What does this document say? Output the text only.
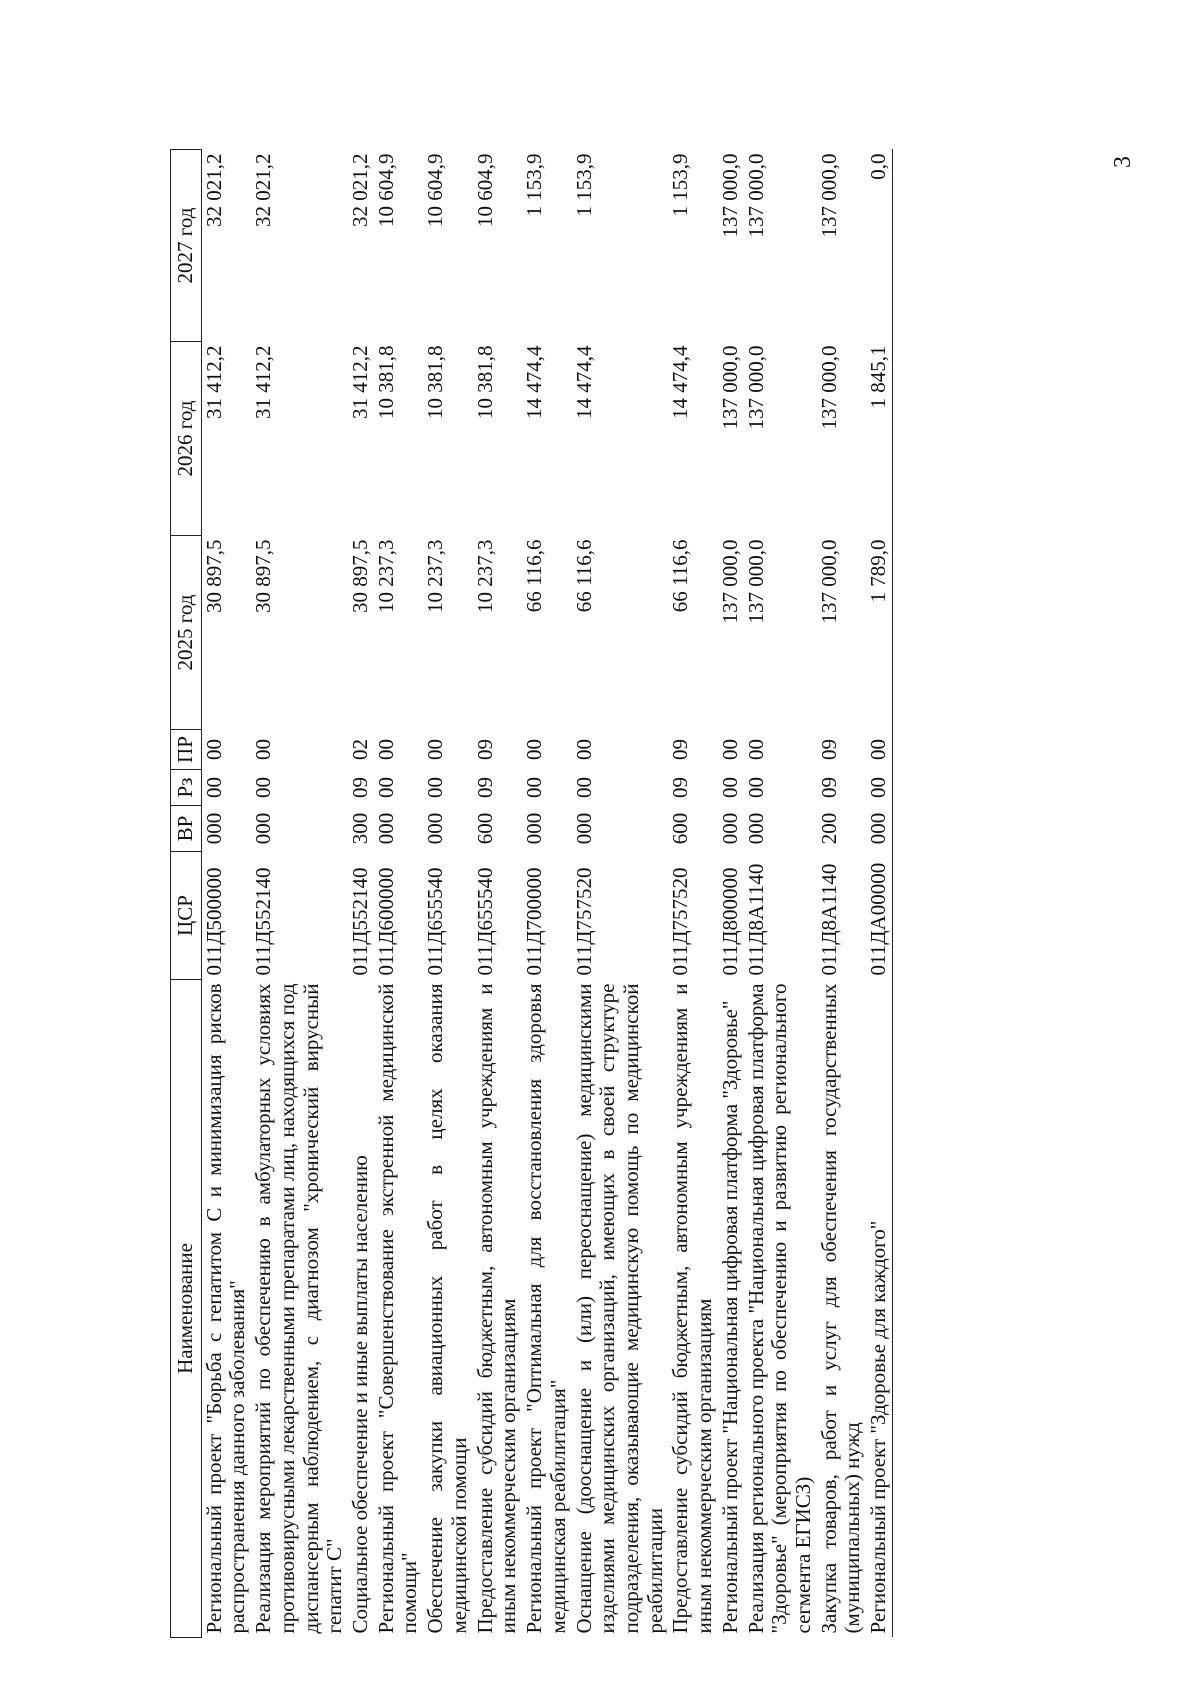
3
Наименование	ЦСР	ВР	Рз	ПР	2025 год	2026 год	2027 год
Региональный проект "Борьба с гепатитом С и минимизация рисков распространения данного заболевания"	011Д500000	000	00	00	30 897,5	31 412,2	32 021,2
Реализация мероприятий по обеспечению в амбулаторных условиях противовирусными лекарственными препаратами лиц, находящихся под диспансерным наблюдением, с диагнозом "хронический вирусный гепатит С"	011Д552140	000	00	00	30 897,5	31 412,2	32 021,2
Социальное обеспечение и иные выплаты населению	011Д552140	300	09	02	30 897,5	31 412,2	32 021,2
Региональный проект "Совершенствование экстренной медицинской помощи"	011Д600000	000	00	00	10 237,3	10 381,8	10 604,9
Обеспечение закупки авиационных работ в целях оказания медицинской помощи	011Д655540	000	00	00	10 237,3	10 381,8	10 604,9
Предоставление субсидий бюджетным, автономным учреждениям и иным некоммерческим организациям	011Д655540	600	09	09	10 237,3	10 381,8	10 604,9
Региональный проект "Оптимальная для восстановления здоровья медицинская реабилитация"	011Д700000	000	00	00	66 116,6	14 474,4	1 153,9
Оснащение (дооснащение и (или) переоснащение) медицинскими изделиями медицинских организаций, имеющих в своей структуре подразделения, оказывающие медицинскую помощь по медицинской реабилитации	011Д757520	000	00	00	66 116,6	14 474,4	1 153,9
Предоставление субсидий бюджетным, автономным учреждениям и иным некоммерческим организациям	011Д757520	600	09	09	66 116,6	14 474,4	1 153,9
Региональный проект "Национальная цифровая платформа "Здоровье"	011Д800000	000	00	00	137 000,0	137 000,0	137 000,0
Реализация регионального проекта "Национальная цифровая платформа "Здоровье" (мероприятия по обеспечению и развитию регионального сегмента ЕГИСЗ)	011Д8А1140	000	00	00	137 000,0	137 000,0	137 000,0
Закупка товаров, работ и услуг для обеспечения государственных (муниципальных) нужд	011Д8А1140	200	09	09	137 000,0	137 000,0	137 000,0
Региональный проект "Здоровье для каждого"	011ДА00000	000	00	00	1 789,0	1 845,1	0,0
